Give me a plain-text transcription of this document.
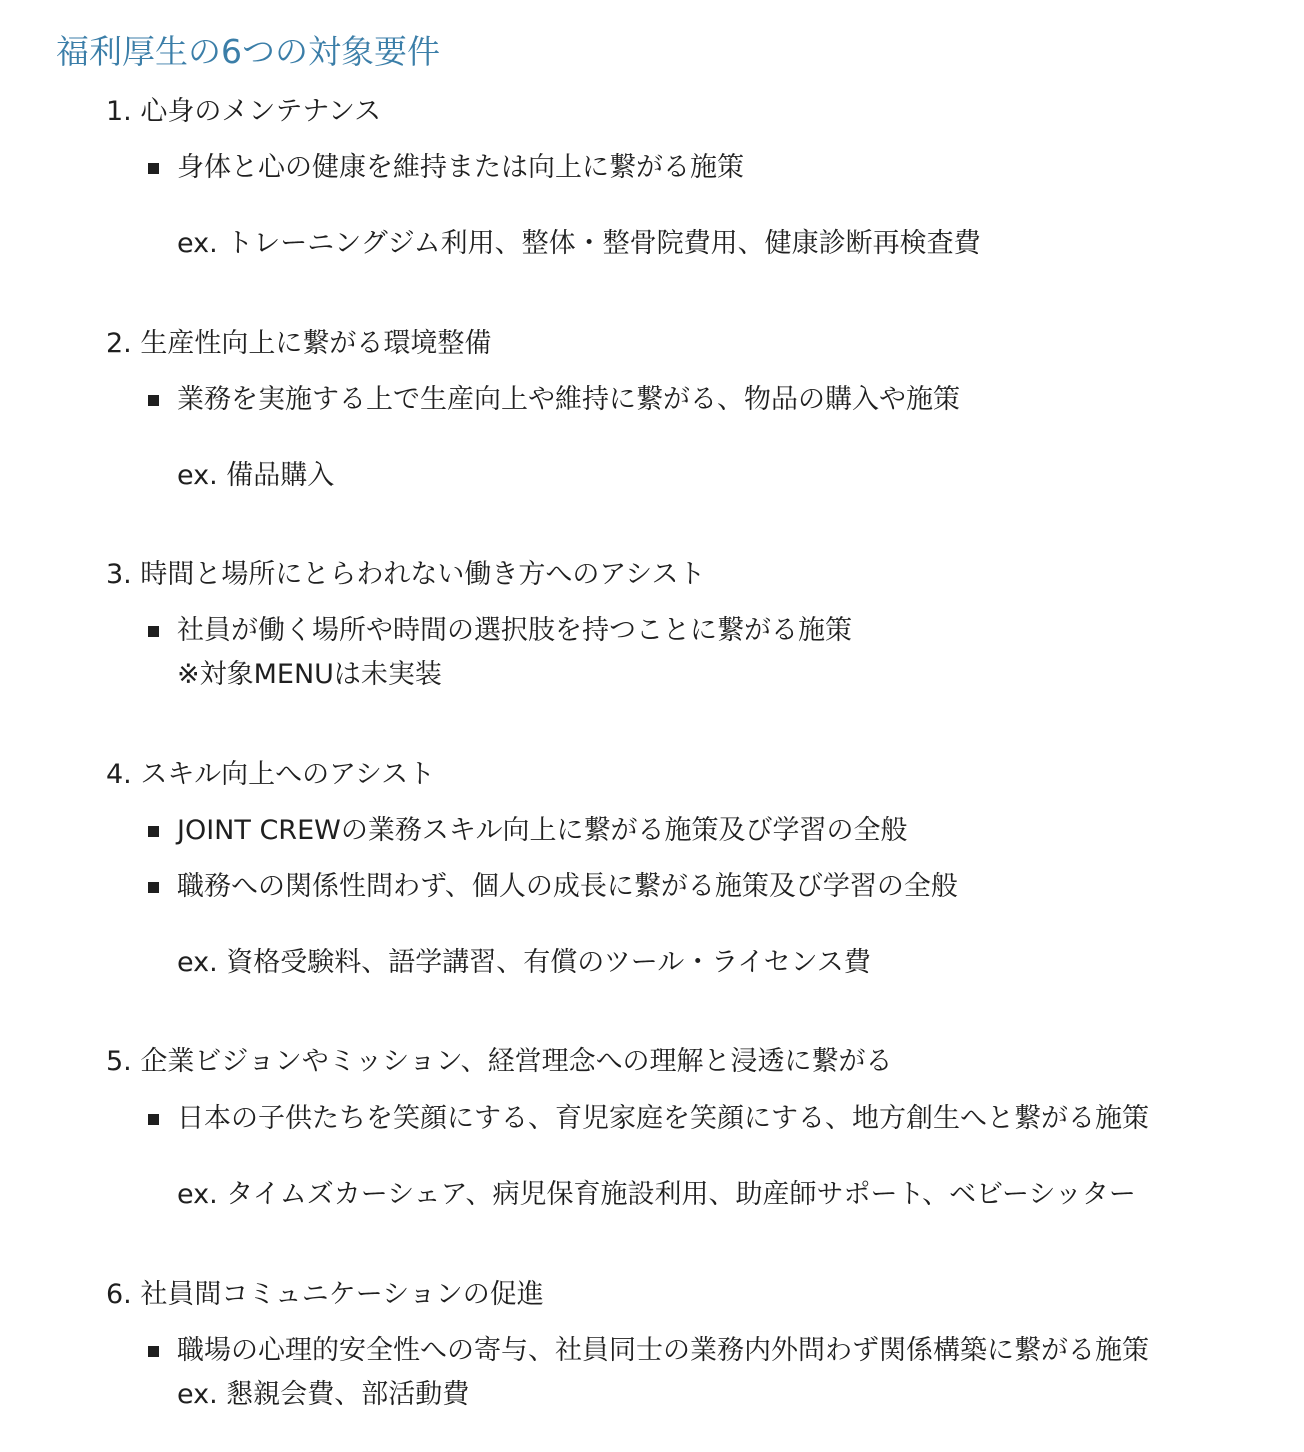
福利厚生の6つの対象要件
1. 心身のメンテナンス
身体と心の健康を維持または向上に繋がる施策
ex. トレーニングジム利用、整体・整骨院費用、健康診断再検査費
2. 生産性向上に繋がる環境整備
業務を実施する上で生産向上や維持に繋がる、物品の購入や施策
ex. 備品購入
3. 時間と場所にとらわれない働き方へのアシスト
社員が働く場所や時間の選択肢を持つことに繋がる施策
※対象MENUは未実装
4. スキル向上へのアシスト
JOINT CREWの業務スキル向上に繋がる施策及び学習の全般
職務への関係性問わず、個人の成長に繋がる施策及び学習の全般
ex. 資格受験料、語学講習、有償のツール・ライセンス費
5. 企業ビジョンやミッション、経営理念への理解と浸透に繋がる
日本の子供たちを笑顔にする、育児家庭を笑顔にする、地方創生へと繋がる施策
ex. タイムズカーシェア、病児保育施設利用、助産師サポート、ベビーシッター
6. 社員間コミュニケーションの促進
職場の心理的安全性への寄与、社員同士の業務内外問わず関係構築に繋がる施策
ex. 懇親会費、部活動費
